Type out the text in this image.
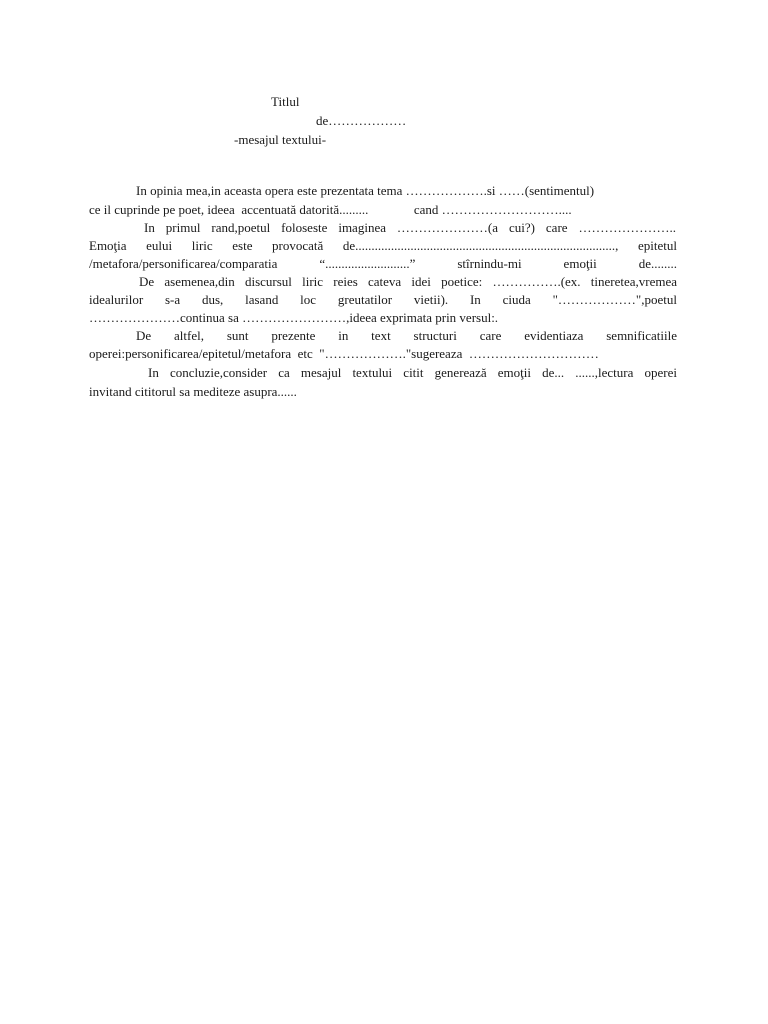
Titlul
de………………
-mesajul textului-
In opinia mea,in aceasta opera este prezentata tema ……………….si ……(sentimentul)
ce il cuprinde pe poet, ideea  accentuată datorită.........              cand ………………………....
In primul rand,poetul foloseste imaginea …………………(a cui?) care …………………..
Emoţia eului liric este provocată de................................................................................, epitetul
/metafora/personificarea/comparatia “..........................” stîrnindu-mi emoţii de........
De asemenea,din discursul liric reies cateva idei poetice: …………….(ex. tineretea,vremea
idealurilor s-a dus, lasand loc greutatilor vietii). In ciuda "………………",poetul
…………………continua sa ……………………,ideea exprimata prin versul:.
De altfel, sunt prezente in text structuri care evidentiaza semnificatiile
operei:personificarea/epitetul/metafora  etc  "………………."sugereaza  …………………………
In concluzie,consider ca mesajul textului citit generează emoţii de... ......,lectura operei
invitand cititorul sa mediteze asupra......
